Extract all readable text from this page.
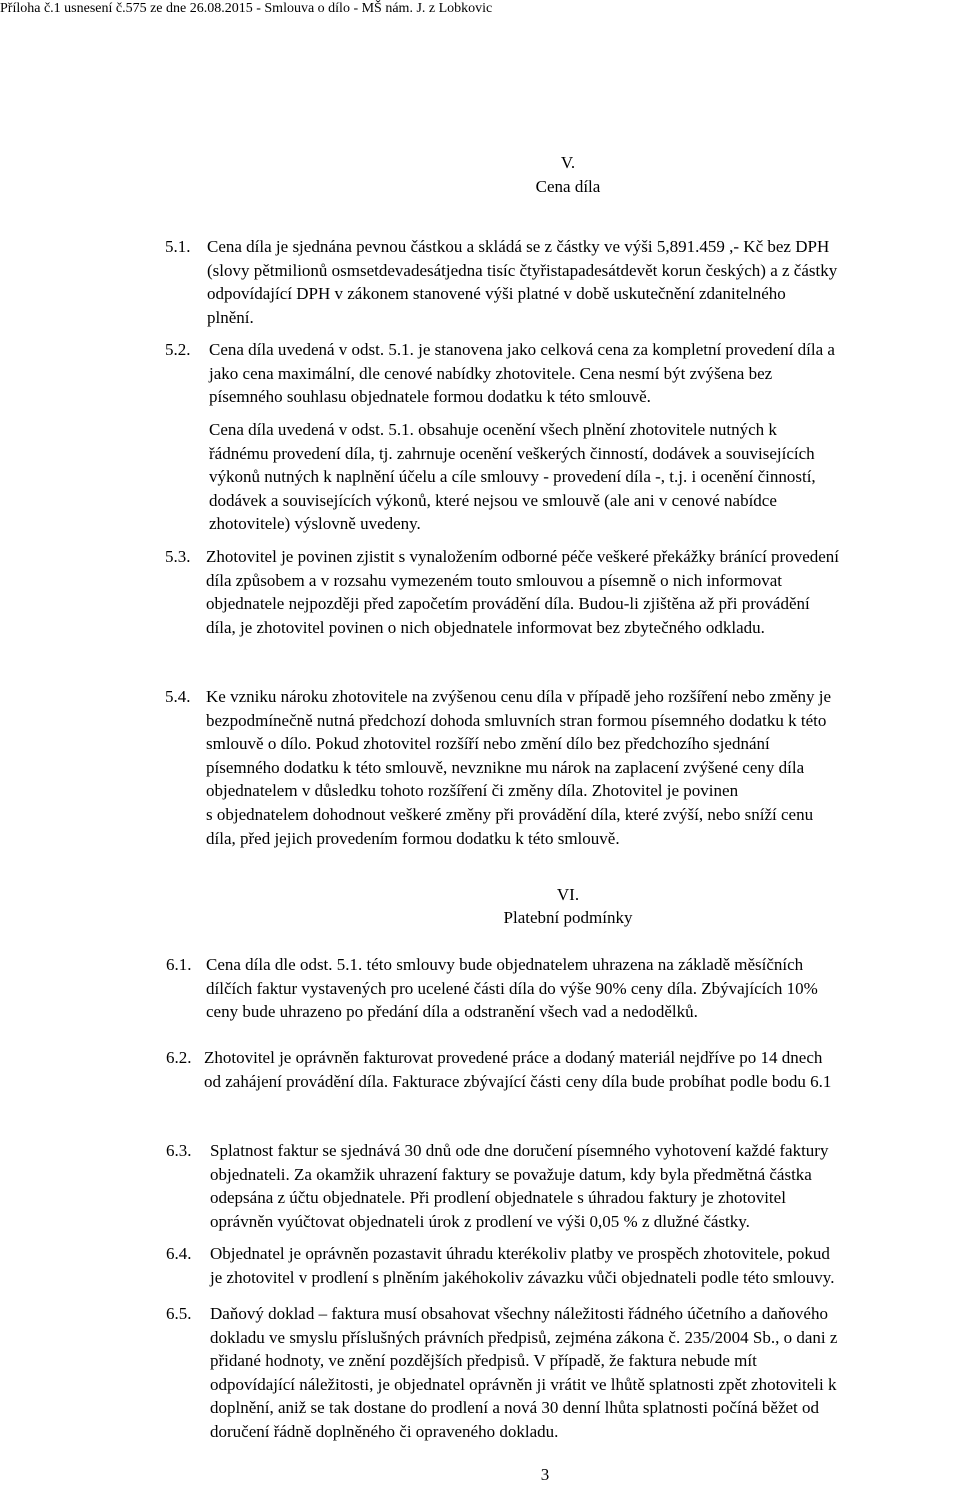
Příloha č.1 usnesení č.575 ze dne 26.08.2015 - Smlouva o dílo - MŠ nám. J. z Lobkovic
V.
Cena díla
5.1. Cena díla je sjednána pevnou částkou a skládá se z částky ve výši 5,891.459 ,- Kč bez DPH
(slovy pětmilionů osmsetdevadesátjedna tisíc čtyřistapadesátdevět korun českých) a z částky
odpovídající DPH v zákonem stanovené výši platné v době uskutečnění zdanitelného
plnění.
5.2. Cena díla uvedená v odst. 5.1. je stanovena jako celková cena za kompletní provedení díla a
jako cena maximální, dle cenové nabídky zhotovitele. Cena nesmí být zvýšena bez
písemného souhlasu objednatele formou dodatku k této smlouvě.
Cena díla uvedená v odst. 5.1. obsahuje ocenění všech plnění zhotovitele nutných k
řádnému provedení díla, tj. zahrnuje ocenění veškerých činností, dodávek a souvisejících
výkonů nutných k naplnění účelu a cíle smlouvy - provedení díla -, t.j. i ocenění činností,
dodávek a souvisejících výkonů, které nejsou ve smlouvě (ale ani v cenové nabídce
zhotovitele) výslovně uvedeny.
5.3. Zhotovitel je povinen zjistit s vynaložením odborné péče veškeré překážky bránící provedení
díla způsobem a v rozsahu vymezeném touto smlouvou a písemně o nich informovat
objednatele nejpozději před započetím provádění díla. Budou-li zjištěna až při provádění
díla, je zhotovitel povinen o nich objednatele informovat bez zbytečného odkladu.
5.4. Ke vzniku nároku zhotovitele na zvýšenou cenu díla v případě jeho rozšíření nebo změny je
bezpodmínečně nutná předchozí dohoda smluvních stran formou písemného dodatku k této
smlouvě o dílo. Pokud zhotovitel rozšíří nebo změní dílo bez předchozího sjednání
písemného dodatku k této smlouvě, nevznikne mu nárok na zaplacení zvýšené ceny díla
objednatelem v důsledku tohoto rozšíření či změny díla. Zhotovitel je povinen
s objednatelem dohodnout veškeré změny při provádění díla, které zvýší, nebo sníží cenu
díla, před jejich provedením formou dodatku k této smlouvě.
VI.
Platební podmínky
6.1. Cena díla dle odst. 5.1. této smlouvy bude objednatelem uhrazena na základě měsíčních
dílčích faktur vystavených pro ucelené části díla do výše 90% ceny díla. Zbývajících 10%
ceny bude uhrazeno po předání díla a odstranění všech vad a nedodělků.
6.2. Zhotovitel je oprávněn fakturovat provedené práce a dodaný materiál nejdříve po 14 dnech
od zahájení provádění díla. Fakturace zbývající části ceny díla bude probíhat podle bodu 6.1
6.3. Splatnost faktur se sjednává 30 dnů ode dne doručení písemného vyhotovení každé faktury
objednateli. Za okamžik uhrazení faktury se považuje datum, kdy byla předmětná částka
odepsána z účtu objednatele. Při prodlení objednatele s úhradou faktury je zhotovitel
oprávněn vyúčtovat objednateli úrok z prodlení ve výši 0,05 % z dlužné částky.
6.4. Objednatel je oprávněn pozastavit úhradu kterékoliv platby ve prospěch zhotovitele, pokud
je zhotovitel v prodlení s plněním jakéhokoliv závazku vůči objednateli podle této smlouvy.
6.5. Daňový doklad – faktura musí obsahovat všechny náležitosti řádného účetního a daňového
dokladu ve smyslu příslušných právních předpisů, zejména zákona č. 235/2004 Sb., o dani z
přidané hodnoty, ve znění pozdějších předpisů. V případě, že faktura nebude mít
odpovídající náležitosti, je objednatel oprávněn ji vrátit ve lhůtě splatnosti zpět zhotoviteli k
doplnění, aniž se tak dostane do prodlení a nová 30 denní lhůta splatnosti počíná běžet od
doručení řádně doplněného či opraveného dokladu.
3
